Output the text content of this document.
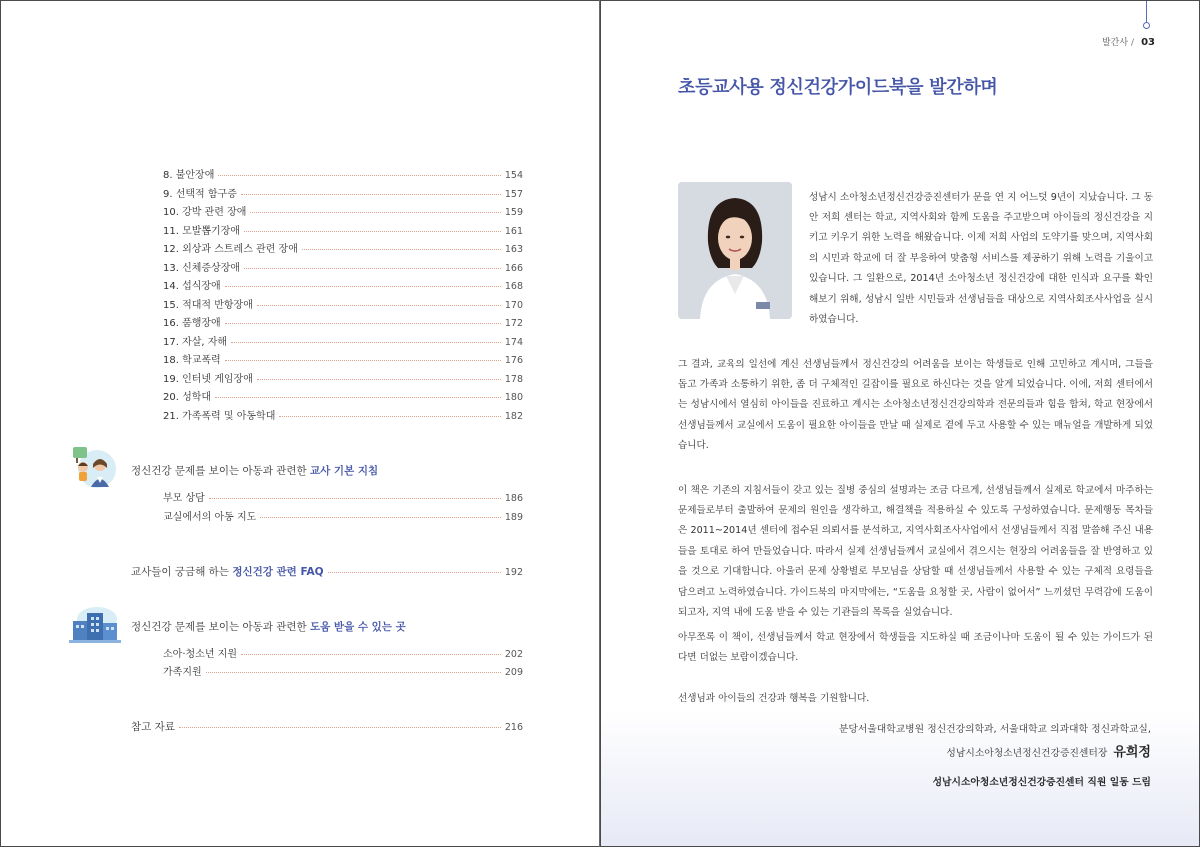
8. 불안장애	154
9. 선택적 함구증	157
10. 강박 관련 장애	159
11. 모발뽑기장애	161
12. 외상과 스트레스 관련 장애	163
13. 신체증상장애	166
14. 섭식장애	168
15. 적대적 반항장애	170
16. 품행장애	172
17. 자살, 자해	174
18. 학교폭력	176
19. 인터넷 게임장애	178
20. 성학대	180
21. 가족폭력 및 아동학대	182
정신건강 문제를 보이는 아동과 관련한 교사 기본 지침
부모 상담	186
교실에서의 아동 지도	189
교사들이 궁금해 하는 정신건강 관련 FAQ	192
정신건강 문제를 보이는 아동과 관련한 도움 받을 수 있는 곳
소아·청소년 지원	202
가족지원	209
참고 자료	216
발간사 / 03
초등교사용 정신건강가이드북을 발간하며

성남시 소아청소년정신건강증진센터가 문을 연 지 어느덧 9년이 지났습니다. 그 동안 저희 센터는 학교, 지역사회와 함께 도움을 주고받으며 아이들의 정신건강을 지키고 키우기 위한 노력을 해왔습니다. 이제 저희 사업의 도약기를 맞으며, 지역사회의 시민과 학교에 더 잘 부응하여 맞춤형 서비스를 제공하기 위해 노력을 기울이고 있습니다. 그 일환으로, 2014년 소아청소년 정신건강에 대한 인식과 요구를 확인해보기 위해, 성남시 일반 시민들과 선생님들을 대상으로 지역사회조사사업을 실시하였습니다.

그 결과, 교육의 일선에 계신 선생님들께서 정신건강의 어려움을 보이는 학생들로 인해 고민하고 계시며, 그들을 돕고 가족과 소통하기 위한, 좀 더 구체적인 길잡이를 필요로 하신다는 것을 알게 되었습니다. 이에, 저희 센터에서는 성남시에서 열심히 아이들을 진료하고 계시는 소아청소년정신건강의학과 전문의들과 힘을 합쳐, 학교 현장에서 선생님들께서 교실에서 도움이 필요한 아이들을 만날 때 실제로 곁에 두고 사용할 수 있는 매뉴얼을 개발하게 되었습니다.

이 책은 기존의 지침서들이 갖고 있는 질병 중심의 설명과는 조금 다르게, 선생님들께서 실제로 학교에서 마주하는 문제들로부터 출발하여 문제의 원인을 생각하고, 해결책을 적용하실 수 있도록 구성하였습니다. 문제행동 목차들은 2011~2014년 센터에 접수된 의뢰서를 분석하고, 지역사회조사사업에서 선생님들께서 직접 말씀해 주신 내용들을 토대로 하여 만들었습니다. 따라서 실제 선생님들께서 교실에서 겪으시는 현장의 어려움들을 잘 반영하고 있을 것으로 기대합니다. 아울러 문제 상황별로 부모님을 상담할 때 선생님들께서 사용할 수 있는 구체적 요령들을 담으려고 노력하였습니다. 가이드북의 마지막에는, “도움을 요청할 곳, 사람이 없어서” 느끼셨던 무력감에 도움이 되고자, 지역 내에 도움 받을 수 있는 기관들의 목록을 실었습니다.

아무쪼록 이 책이, 선생님들께서 학교 현장에서 학생들을 지도하실 때 조금이나마 도움이 될 수 있는 가이드가 된다면 더없는 보람이겠습니다.

선생님과 아이들의 건강과 행복을 기원합니다.

분당서울대학교병원 정신건강의학과, 서울대학교 의과대학 정신과학교실,
성남시소아청소년정신건강증진센터장 유희정
성남시소아청소년정신건강증진센터 직원 일동 드림
